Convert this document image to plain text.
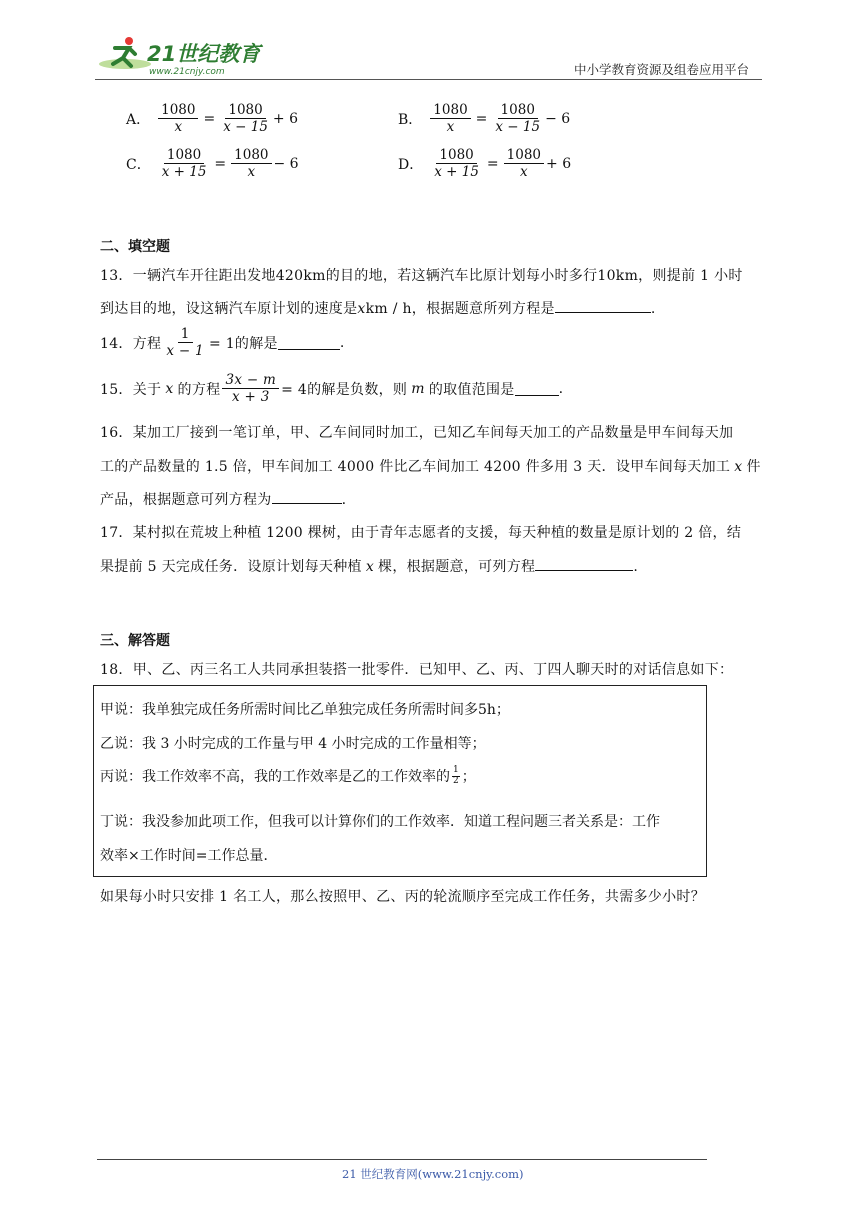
21世纪教育
www.21cnjy.com	中小学教育资源及组卷应用平台
A． $\frac{1080}{x} = \frac{1080}{x - 15} + 6$	B． $\frac{1080}{x} = \frac{1080}{x - 15} - 6$
C． $\frac{1080}{x + 15} = \frac{1080}{x} - 6$	D． $\frac{1080}{x + 15} = \frac{1080}{x} + 6$
二、填空题
13．一辆汽车开往距出发地420km的目的地，若这辆汽车比原计划每小时多行10km，则提前 1 小时
到达目的地，设这辆汽车原计划的速度是xkm / h，根据题意所列方程是	.
14．方程 $\frac{1}{x - 1} = 1$的解是	.
15．关于 x 的方程 $\frac{3x - m}{x + 3} = 4$的解是负数，则 m 的取值范围是	.
16．某加工厂接到一笔订单，甲、乙车间同时加工，已知乙车间每天加工的产品数量是甲车间每天加
工的产品数量的 1.5 倍，甲车间加工 4000 件比乙车间加工 4200 件多用 3 天．设甲车间每天加工 x 件
产品，根据题意可列方程为	.
17．某村拟在荒坡上种植 1200 棵树，由于青年志愿者的支援，每天种植的数量是原计划的 2 倍，结
果提前 5 天完成任务．设原计划每天种植 x 棵，根据题意，可列方程	.
三、解答题
18．甲、乙、丙三名工人共同承担装搭一批零件．已知甲、乙、丙、丁四人聊天时的对话信息如下：
甲说：我单独完成任务所需时间比乙单独完成任务所需时间多5h；
乙说：我 3 小时完成的工作量与甲 4 小时完成的工作量相等；
丙说：我工作效率不高，我的工作效率是乙的工作效率的 $\frac{1}{2}$ ；
丁说：我没参加此项工作，但我可以计算你们的工作效率．知道工程问题三者关系是：工作
效率×工作时间=工作总量．
如果每小时只安排 1 名工人，那么按照甲、乙、丙的轮流顺序至完成工作任务，共需多少小时？
21 世纪教育网(www.21cnjy.com)
